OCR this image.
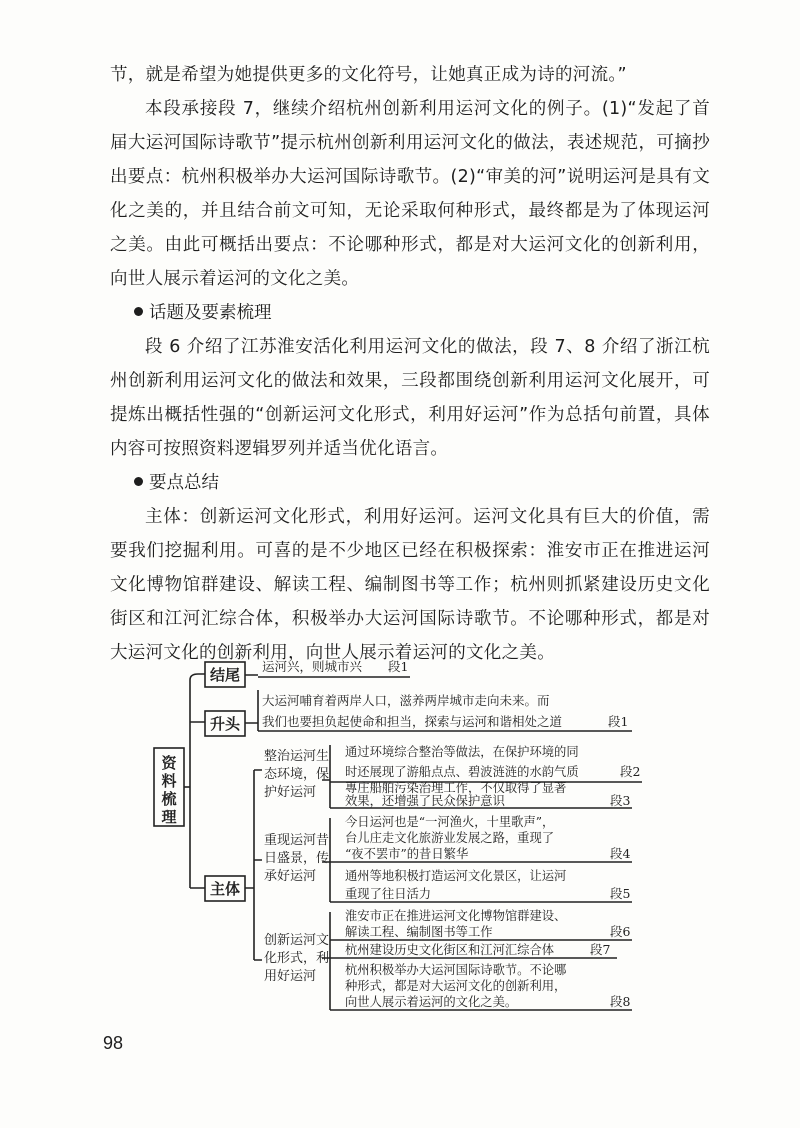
节，就是希望为她提供更多的文化符号，让她真正成为诗的河流。”

本段承接段 7，继续介绍杭州创新利用运河文化的例子。(1)“发起了首届大运河国际诗歌节”提示杭州创新利用运河文化的做法，表述规范，可摘抄出要点：杭州积极举办大运河国际诗歌节。(2)“审美的河”说明运河是具有文化之美的，并且结合前文可知，无论采取何种形式，最终都是为了体现运河之美。由此可概括出要点：不论哪种形式，都是对大运河文化的创新利用，向世人展示着运河的文化之美。

话题及要素梳理

段 6 介绍了江苏淮安活化利用运河文化的做法，段 7、8 介绍了浙江杭州创新利用运河文化的做法和效果，三段都围绕创新利用运河文化展开，可提炼出概括性强的“创新运河文化形式，利用好运河”作为总括句前置，具体内容可按照资料逻辑罗列并适当优化语言。

要点总结

主体：创新运河文化形式，利用好运河。运河文化具有巨大的价值，需要我们挖掘利用。可喜的是不少地区已经在积极探索：淮安市正在推进运河文化博物馆群建设、解读工程、编制图书等工作；杭州则抓紧建设历史文化街区和江河汇综合体，积极举办大运河国际诗歌节。不论哪种形式，都是对大运河文化的创新利用，向世人展示着运河的文化之美。

资
料
梳
理
结尾
升头
主体
运河兴，则城市兴 段1
大运河哺育着两岸人口，滋养两岸城市走向未来。而
我们也要担负起使命和担当，探索与运河和谐相处之道	段1
整治运河生
态环境，保
护好运河
通过环境综合整治等做法，在保护环境的同
时还展现了游船点点、碧波涟涟的水韵气质	段2
專庄船舶污染治理工作，不仅取得了显著
效果，还增强了民众保护意识	段3
重现运河昔
日盛景，传
承好运河
今日运河也是“一河渔火，十里歌声”，
台儿庄走文化旅游业发展之路，重现了
“夜不罢市”的昔日繁华	段4
通州等地积极打造运河文化景区，让运河
重现了往日活力	段5
创新运河文
化形式，利
用好运河
淮安市正在推进运河文化博物馆群建设、
解读工程、编制图书等工作	段6
杭州建设历史文化街区和江河汇综合体	段7
杭州积极举办大运河国际诗歌节。不论哪
种形式，都是对大运河文化的创新利用，
向世人展示着运河的文化之美。	段8
98
